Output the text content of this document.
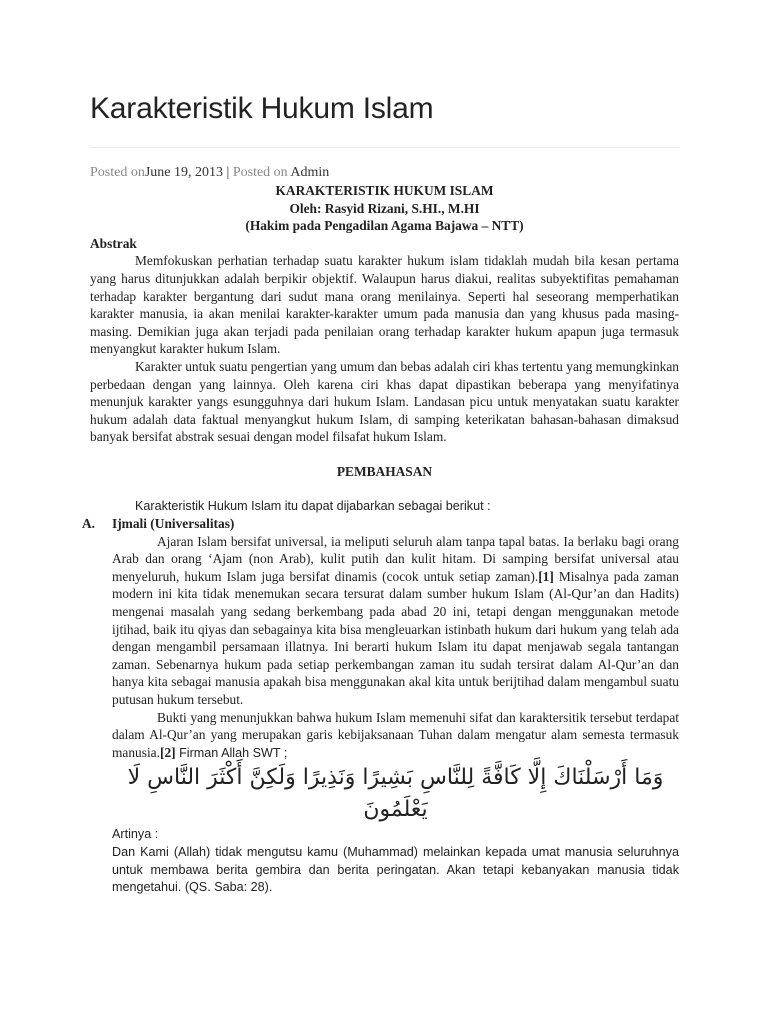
Karakteristik Hukum Islam
Posted onJune 19, 2013 | Posted on Admin
KARAKTERISTIK HUKUM ISLAM
Oleh: Rasyid Rizani, S.HI., M.HI
(Hakim pada Pengadilan Agama Bajawa – NTT)
Abstrak

Memfokuskan perhatian terhadap suatu karakter hukum islam tidaklah mudah bila kesan pertama yang harus ditunjukkan adalah berpikir objektif. Walaupun harus diakui, realitas subyektifitas pemahaman terhadap karakter bergantung dari sudut mana orang menilainya. Seperti hal seseorang memperhatikan karakter manusia, ia akan menilai karakter-karakter umum pada manusia dan yang khusus pada masing-masing. Demikian juga akan terjadi pada penilaian orang terhadap karakter hukum apapun juga termasuk menyangkut karakter hukum Islam.

Karakter untuk suatu pengertian yang umum dan bebas adalah ciri khas tertentu yang memungkinkan perbedaan dengan yang lainnya. Oleh karena ciri khas dapat dipastikan beberapa yang menyifatinya menunjuk karakter yangs esungguhnya dari hukum Islam. Landasan picu untuk menyatakan suatu karakter hukum adalah data faktual menyangkut hukum Islam, di samping keterikatan bahasan-bahasan dimaksud banyak bersifat abstrak sesuai dengan model filsafat hukum Islam.

PEMBAHASAN

Karakteristik Hukum Islam itu dapat dijabarkan sebagai berikut :

A.	Ijmali (Universalitas)

Ajaran Islam bersifat universal, ia meliputi seluruh alam tanpa tapal batas. Ia berlaku bagi orang Arab dan orang ‘Ajam (non Arab), kulit putih dan kulit hitam. Di samping bersifat universal atau menyeluruh, hukum Islam juga bersifat dinamis (cocok untuk setiap zaman).[1] Misalnya pada zaman modern ini kita tidak menemukan secara tersurat dalam sumber hukum Islam (Al-Qur’an dan Hadits) mengenai masalah yang sedang berkembang pada abad 20 ini, tetapi dengan menggunakan metode ijtihad, baik itu qiyas dan sebagainya kita bisa mengleuarkan istinbath hukum dari hukum yang telah ada dengan mengambil persamaan illatnya. Ini berarti hukum Islam itu dapat menjawab segala tantangan zaman. Sebenarnya hukum pada setiap perkembangan zaman itu sudah tersirat dalam Al-Qur’an dan hanya kita sebagai manusia apakah bisa menggunakan akal kita untuk berijtihad dalam mengambul suatu putusan hukum tersebut.

Bukti yang menunjukkan bahwa hukum Islam memenuhi sifat dan karaktersitik tersebut terdapat dalam Al-Qur’an yang merupakan garis kebijaksanaan Tuhan dalam mengatur alam semesta termasuk manusia.[2] Firman Allah SWT ;

وَمَا أَرْسَلْنَاكَ إِلَّا كَافَّةً لِلنَّاسِ بَشِيرًا وَنَذِيرًا وَلَكِنَّ أَكْثَرَ النَّاسِ لَا يَعْلَمُونَ
Artinya :

Dan Kami (Allah) tidak mengutsu kamu (Muhammad) melainkan kepada umat manusia seluruhnya untuk membawa berita gembira dan berita peringatan. Akan tetapi kebanyakan manusia tidak mengetahui. (QS. Saba: 28).
